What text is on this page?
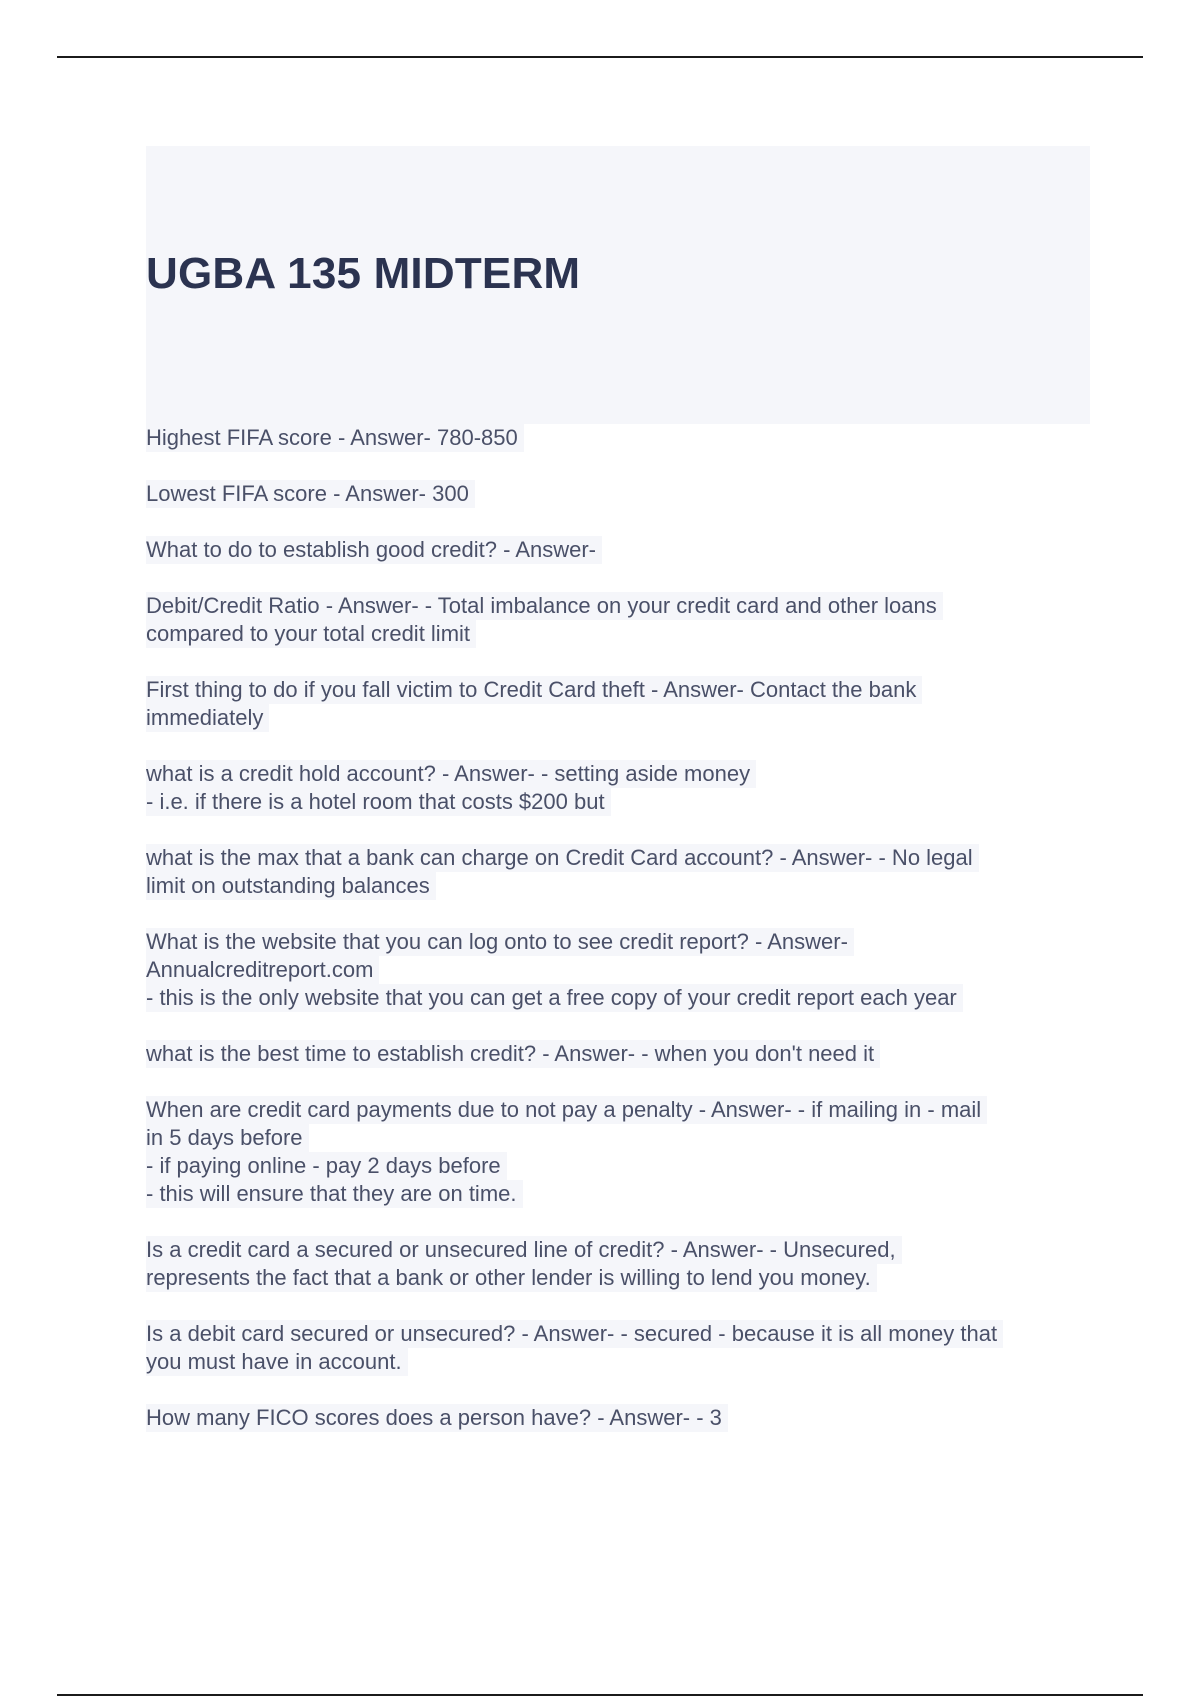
UGBA 135 MIDTERM
Highest FIFA score - Answer- 780-850
Lowest FIFA score - Answer- 300
What to do to establish good credit? - Answer-
Debit/Credit Ratio - Answer- - Total imbalance on your credit card and other loans
compared to your total credit limit
First thing to do if you fall victim to Credit Card theft - Answer- Contact the bank
immediately
what is a credit hold account? - Answer- - setting aside money
- i.e. if there is a hotel room that costs $200 but
what is the max that a bank can charge on Credit Card account? - Answer- - No legal
limit on outstanding balances
What is the website that you can log onto to see credit report? - Answer-
Annualcreditreport.com
- this is the only website that you can get a free copy of your credit report each year
what is the best time to establish credit? - Answer- - when you don't need it
When are credit card payments due to not pay a penalty - Answer- - if mailing in - mail
in 5 days before
- if paying online - pay 2 days before
- this will ensure that they are on time.
Is a credit card a secured or unsecured line of credit? - Answer- - Unsecured,
represents the fact that a bank or other lender is willing to lend you money.
Is a debit card secured or unsecured? - Answer- - secured - because it is all money that
you must have in account.
How many FICO scores does a person have? - Answer- - 3
